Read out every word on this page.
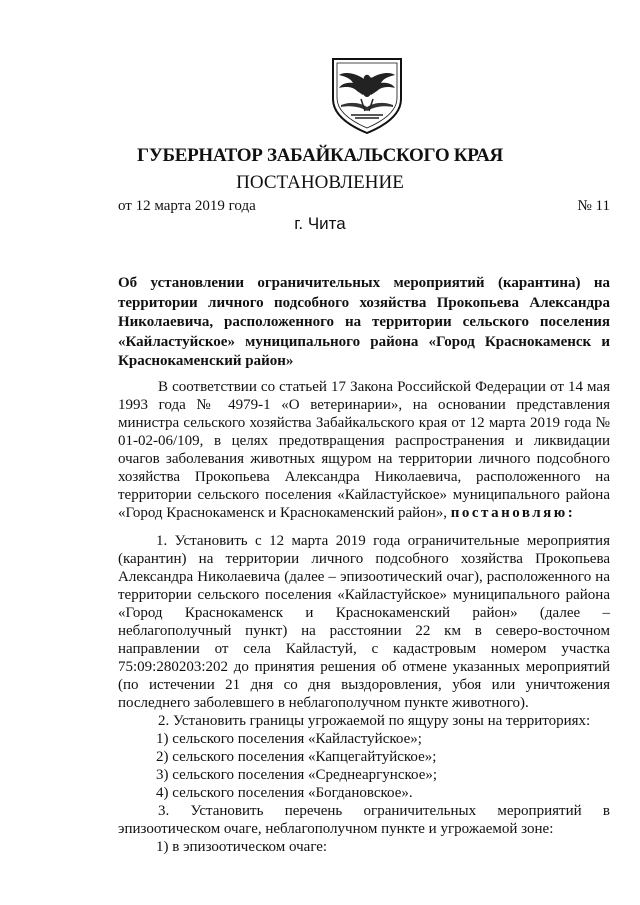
ГУБЕРНАТОР ЗАБАЙКАЛЬСКОГО КРАЯ
ПОСТАНОВЛЕНИЕ
от 12 марта 2019 года	№ 11
г. Чита
Об установлении ограничительных мероприятий (карантина) на территории личного подсобного хозяйства Прокопьева Александра Николаевича, расположенного на территории сельского поселения «Кайластуйское» муниципального района «Город Краснокаменск и Краснокаменский район»

В соответствии со статьей 17 Закона Российской Федерации от 14 мая 1993 года № 4979-1 «О ветеринарии», на основании представления министра сельского хозяйства Забайкальского края от 12 марта 2019 года № 01-02-06/109, в целях предотвращения распространения и ликвидации очагов заболевания животных ящуром на территории личного подсобного хозяйства Прокопьева Александра Николаевича, расположенного на территории сельского поселения «Кайластуйское» муниципального района «Город Краснокаменск и Краснокаменский район», постановляю:

1. Установить с 12 марта 2019 года ограничительные мероприятия (карантин) на территории личного подсобного хозяйства Прокопьева Александра Николаевича (далее – эпизоотический очаг), расположенного на территории сельского поселения «Кайластуйское» муниципального района «Город Краснокаменск и Краснокаменский район» (далее – неблагополучный пункт) на расстоянии 22 км в северо-восточном направлении от села Кайластуй, с кадастровым номером участка 75:09:280203:202 до принятия решения об отмене указанных мероприятий (по истечении 21 дня со дня выздоровления, убоя или уничтожения последнего заболевшего в неблагополучном пункте животного).

2. Установить границы угрожаемой по ящуру зоны на территориях:

1) сельского поселения «Кайластуйское»;

2) сельского поселения «Капцегайтуйское»;

3) сельского поселения «Среднеаргунское»;

4) сельского поселения «Богдановское».

3. Установить перечень ограничительных мероприятий в

эпизоотическом очаге, неблагополучном пункте и угрожаемой зоне:

1) в эпизоотическом очаге:
